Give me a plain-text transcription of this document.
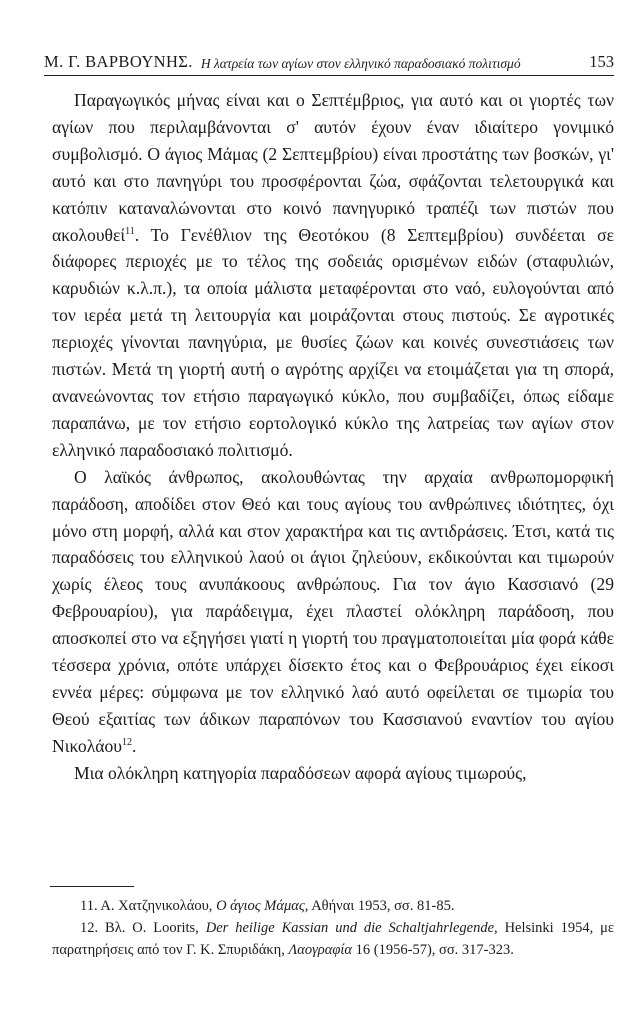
Μ. Γ. ΒΑΡΒΟΥΝΗΣ. Η λατρεία των αγίων στον ελληνικό παραδοσιακό πολιτισμό	153

Παραγωγικός μήνας είναι και ο Σεπτέμβριος, για αυτό και οι γιορτές των αγίων που περιλαμβάνονται σ' αυτόν έχουν έναν ιδιαίτερο γονιμικό συμβολισμό. Ο άγιος Μάμας (2 Σεπτεμβρίου) είναι προστάτης των βοσκών, γι' αυτό και στο πανηγύρι του προσφέρονται ζώα, σφάζονται τελετουργικά και κατόπιν καταναλώνονται στο κοινό πανηγυρικό τραπέζι των πιστών που ακολουθεί$^{11}$. Το Γενέθλιον της Θεοτόκου (8 Σεπτεμβρίου) συνδέεται σε διάφορες περιοχές με το τέλος της σοδειάς ορισμένων ειδών (σταφυλιών, καρυδιών κ.λ.π.), τα οποία μάλιστα μεταφέρονται στο ναό, ευλογούνται από τον ιερέα μετά τη λειτουργία και μοιράζονται στους πιστούς. Σε αγροτικές περιοχές γίνονται πανηγύρια, με θυσίες ζώων και κοινές συνεστιάσεις των πιστών. Μετά τη γιορτή αυτή ο αγρότης αρχίζει να ετοιμάζεται για τη σπορά, ανανεώνοντας τον ετήσιο παραγωγικό κύκλο, που συμβαδίζει, όπως είδαμε παραπάνω, με τον ετήσιο εορτολογικό κύκλο της λατρείας των αγίων στον ελληνικό παραδοσιακό πολιτισμό.

Ο λαϊκός άνθρωπος, ακολουθώντας την αρχαία ανθρωπομορφική παράδοση, αποδίδει στον Θεό και τους αγίους του ανθρώπινες ιδιότητες, όχι μόνο στη μορφή, αλλά και στον χαρακτήρα και τις αντιδράσεις. Έτσι, κατά τις παραδόσεις του ελληνικού λαού οι άγιοι ζηλεύουν, εκδικούνται και τιμωρούν χωρίς έλεος τους ανυπάκοους ανθρώπους. Για τον άγιο Κασσιανό (29 Φεβρουαρίου), για παράδειγμα, έχει πλαστεί ολόκληρη παράδοση, που αποσκοπεί στο να εξηγήσει γιατί η γιορτή του πραγματοποιείται μία φορά κάθε τέσσερα χρόνια, οπότε υπάρχει δίσεκτο έτος και ο Φεβρουάριος έχει είκοσι εννέα μέρες: σύμφωνα με τον ελληνικό λαό αυτό οφείλεται σε τιμωρία του Θεού εξαιτίας των άδικων παραπόνων του Κασσιανού εναντίον του αγίου Νικολάου$^{12}$.

Μια ολόκληρη κατηγορία παραδόσεων αφορά αγίους τιμωρούς,

11. Α. Χατζηνικολάου, Ο άγιος Μάμας, Αθήναι 1953, σσ. 81-85.

12. Βλ. Ο. Loorits, Der heilige Kassian und die Schaltjahrlegende, Helsinki 1954, με παρατηρήσεις από τον Γ. Κ. Σπυριδάκη, Λαογραφία 16 (1956-57), σσ. 317-323.
